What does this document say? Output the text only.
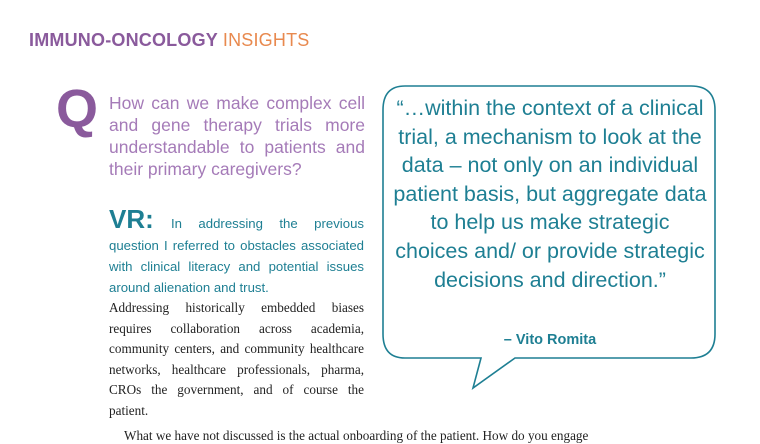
IMMUNO-ONCOLOGY INSIGHTS
Q How can we make complex cell and gene therapy trials more understandable to patients and their primary caregivers?
VR: In addressing the previous question I referred to obstacles associated with clinical literacy and potential issues around alienation and trust.
Addressing historically embedded biases requires collaboration across academia, community centers, and community healthcare networks, healthcare professionals, pharma, CROs the government, and of course the patient.
What we have not discussed is the actual onboarding of the patient. How do you engage
“…within the context of a clinical trial, a mechanism to look at the data – not only on an individual patient basis, but aggregate data to help us make strategic choices and/ or provide strategic decisions and direction.”
– Vito Romita
